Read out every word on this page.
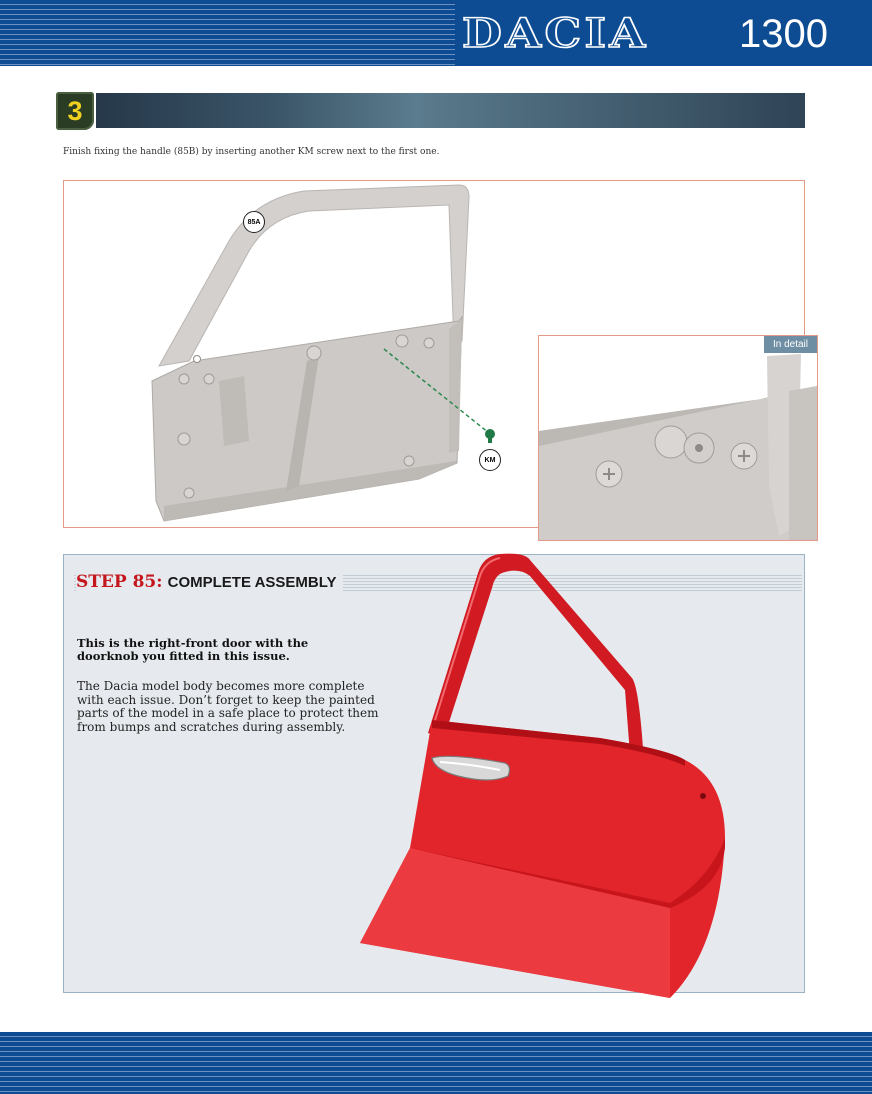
DACIA 1300
3
Finish fixing the handle (85B) by inserting another KM screw next to the first one.
85A
KM
In detail
STEP 85: COMPLETE ASSEMBLY
This is the right-front door with the doorknob you fitted in this issue.
The Dacia model body becomes more complete with each issue. Don’t forget to keep the painted parts of the model in a safe place to protect them from bumps and scratches during assembly.
